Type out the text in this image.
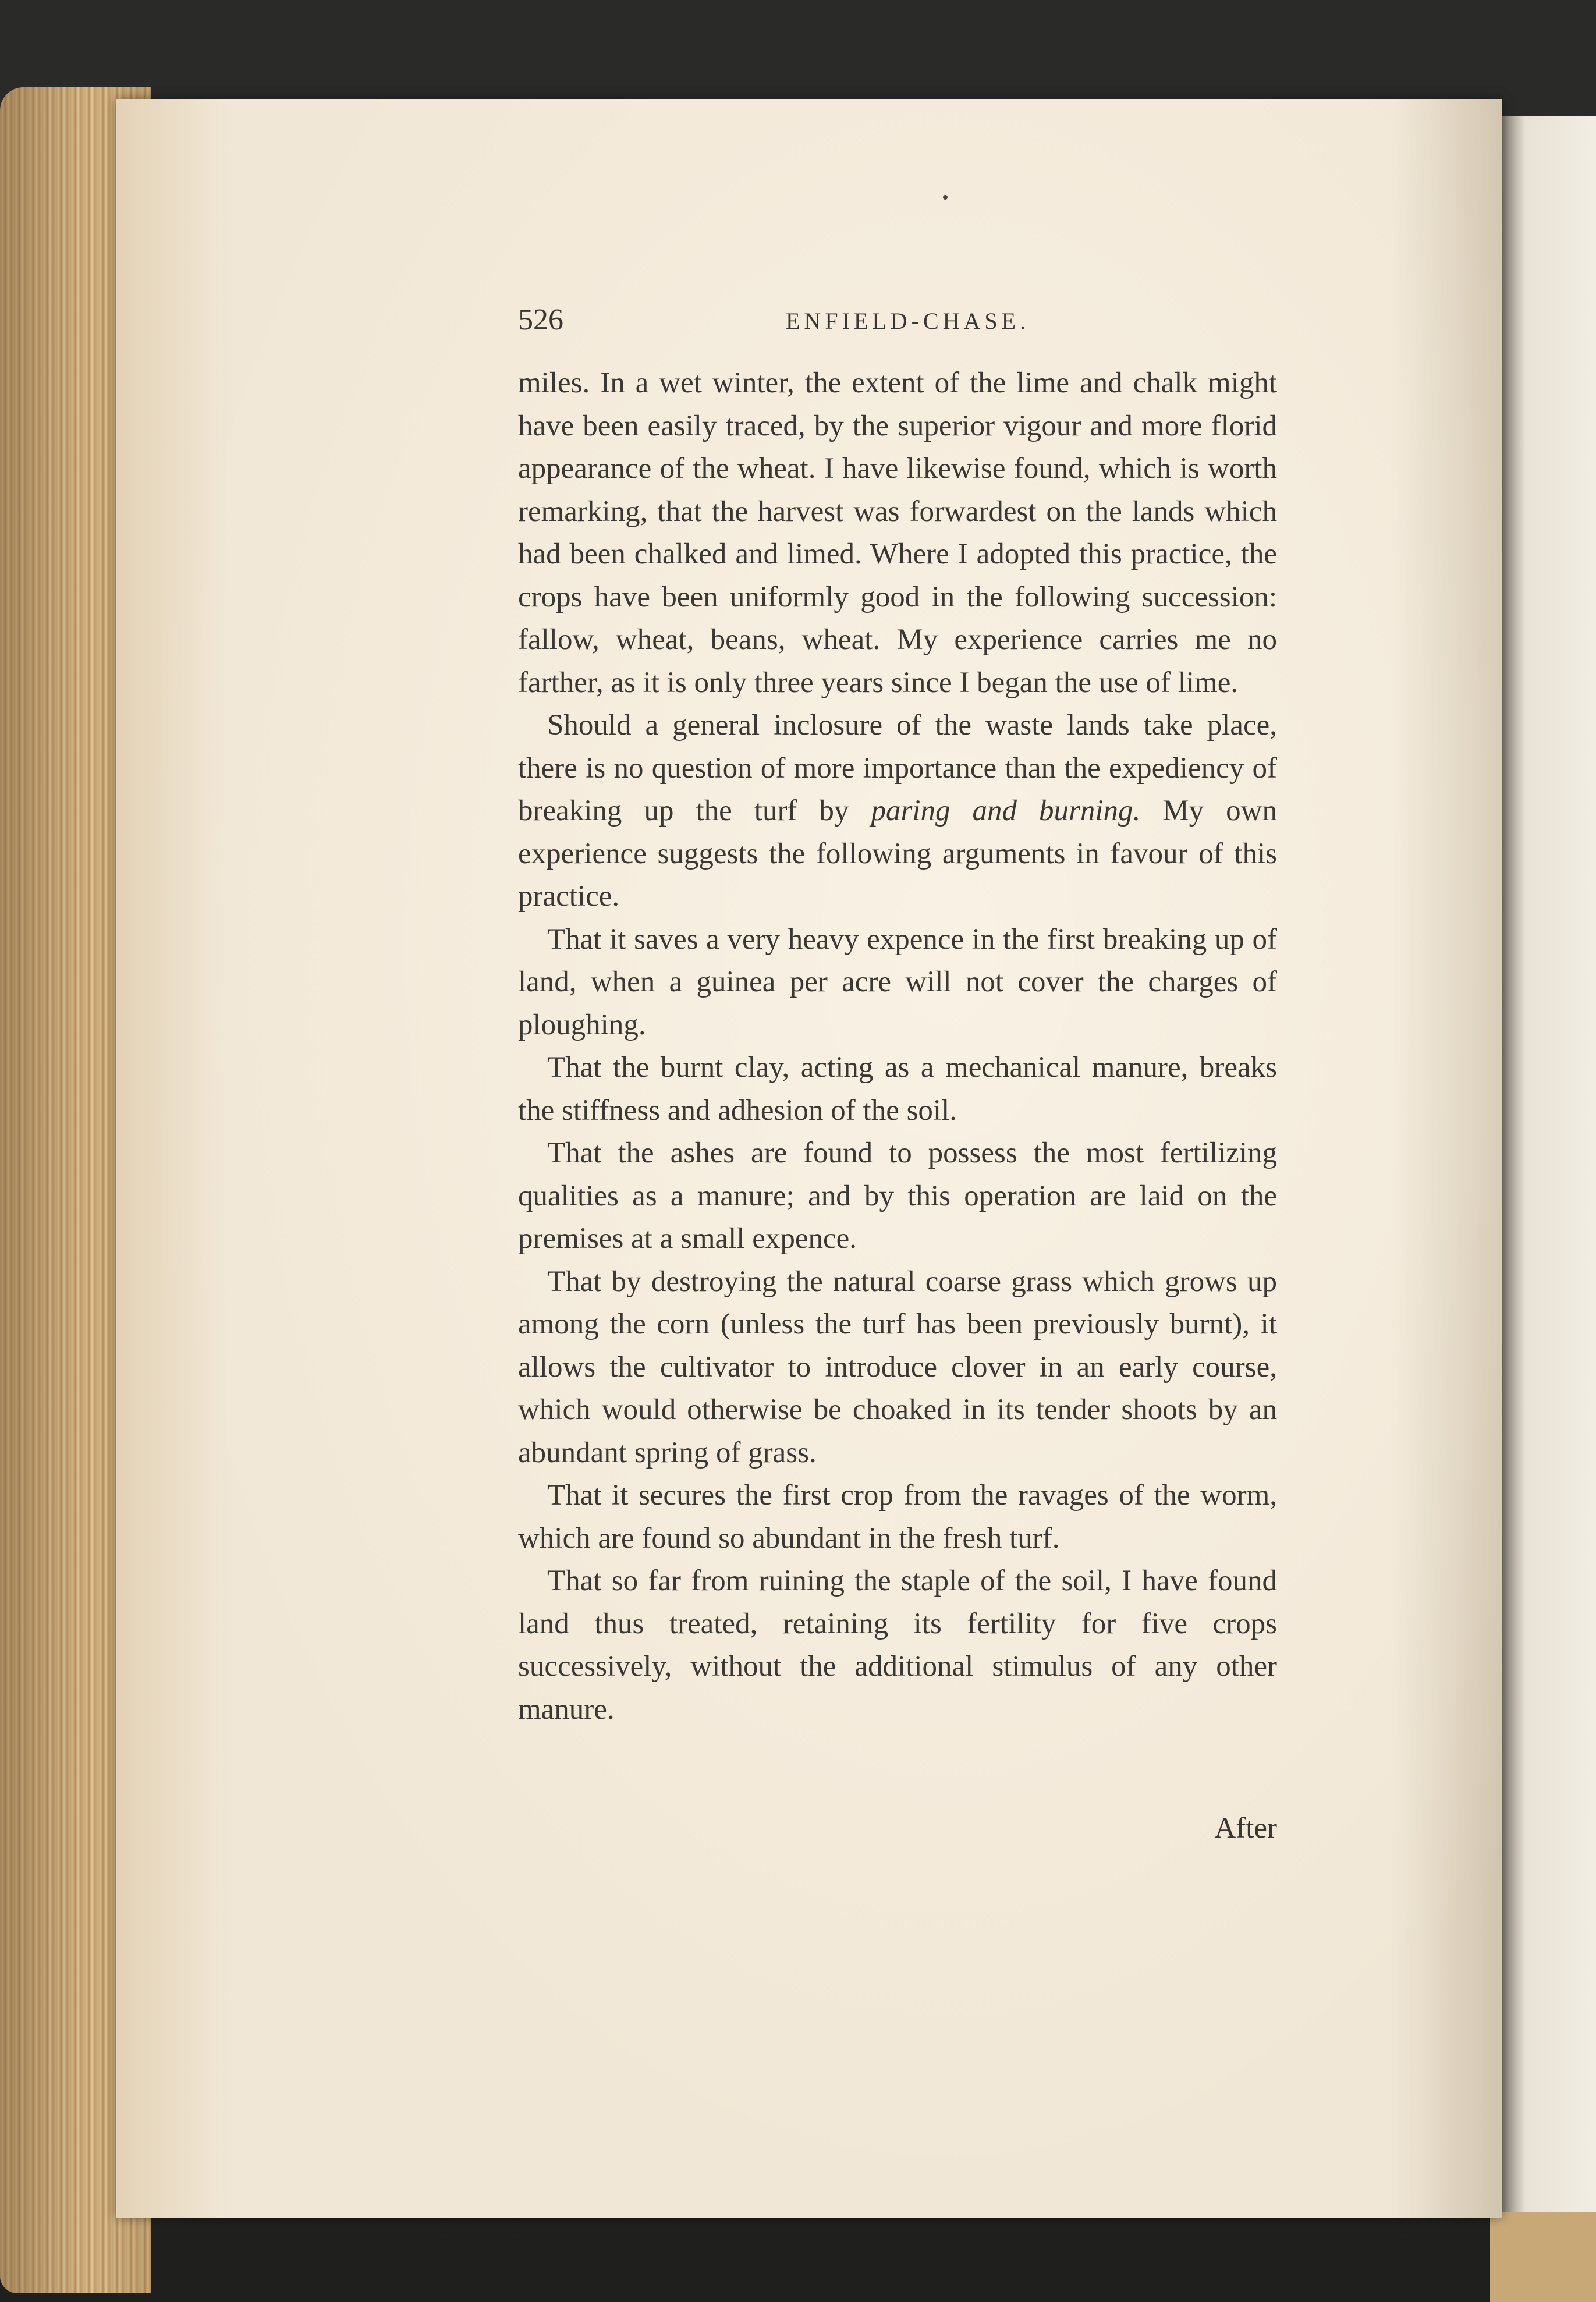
526	ENFIELD-CHASE.

miles. In a wet winter, the extent of the lime and chalk might have been easily traced, by the superior vigour and more florid appearance of the wheat. I have likewise found, which is worth remarking, that the harvest was forwardest on the lands which had been chalked and limed. Where I adopted this practice, the crops have been uniformly good in the following succession: fallow, wheat, beans, wheat. My experience carries me no farther, as it is only three years since I began the use of lime.

Should a general inclosure of the waste lands take place, there is no question of more importance than the expediency of breaking up the turf by paring and burning. My own experience suggests the following arguments in favour of this practice.

That it saves a very heavy expence in the first breaking up of land, when a guinea per acre will not cover the charges of ploughing.

That the burnt clay, acting as a mechanical manure, breaks the stiffness and adhesion of the soil.

That the ashes are found to possess the most fertilizing qualities as a manure; and by this operation are laid on the premises at a small expence.

That by destroying the natural coarse grass which grows up among the corn (unless the turf has been previously burnt), it allows the cultivator to introduce clover in an early course, which would otherwise be choaked in its tender shoots by an abundant spring of grass.

That it secures the first crop from the ravages of the worm, which are found so abundant in the fresh turf.

That so far from ruining the staple of the soil, I have found land thus treated, retaining its fertility for five crops successively, without the additional stimulus of any other manure.

After
